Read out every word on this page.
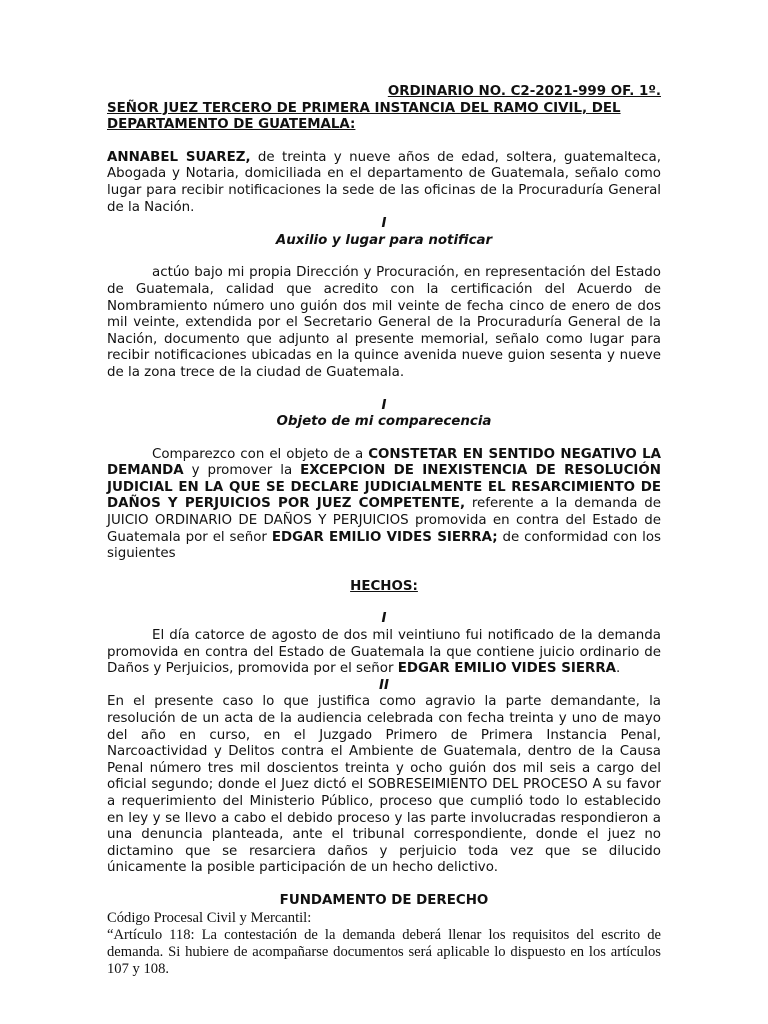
ORDINARIO NO. C2-2021-999 OF. 1º.

SEÑOR JUEZ TERCERO DE PRIMERA INSTANCIA DEL RAMO CIVIL, DEL DEPARTAMENTO DE GUATEMALA:

ANNABEL SUAREZ, de treinta y nueve años de edad, soltera, guatemalteca, Abogada y Notaria, domiciliada en el departamento de Guatemala, señalo como lugar para recibir notificaciones la sede de las oficinas de la Procuraduría General de la Nación.

I

Auxilio y lugar para notificar

actúo bajo mi propia Dirección y Procuración, en representación del Estado de Guatemala, calidad que acredito con la certificación del Acuerdo de Nombramiento número uno guión dos mil veinte de fecha cinco de enero de dos mil veinte, extendida por el Secretario General de la Procuraduría General de la Nación, documento que adjunto al presente memorial, señalo como lugar para recibir notificaciones ubicadas en la quince avenida nueve guion sesenta y nueve de la zona trece de la ciudad de Guatemala.

I

Objeto de mi comparecencia

Comparezco con el objeto de a CONSTETAR EN SENTIDO NEGATIVO LA DEMANDA y promover la EXCEPCION DE INEXISTENCIA DE RESOLUCIÓN JUDICIAL EN LA QUE SE DECLARE JUDICIALMENTE EL RESARCIMIENTO DE DAÑOS Y PERJUICIOS POR JUEZ COMPETENTE, referente a la demanda de JUICIO ORDINARIO DE DAÑOS Y PERJUICIOS promovida en contra del Estado de Guatemala por el señor EDGAR EMILIO VIDES SIERRA; de conformidad con los siguientes

HECHOS:

I

El día catorce de agosto de dos mil veintiuno fui notificado de la demanda promovida en contra del Estado de Guatemala la que contiene juicio ordinario de Daños y Perjuicios, promovida por el señor EDGAR EMILIO VIDES SIERRA.

II

En el presente caso lo que justifica como agravio la parte demandante, la resolución de un acta de la audiencia celebrada con fecha treinta y uno de mayo del año en curso, en el Juzgado Primero de Primera Instancia Penal, Narcoactividad y Delitos contra el Ambiente de Guatemala, dentro de la Causa Penal número tres mil doscientos treinta y ocho guión dos mil seis a cargo del oficial segundo; donde el Juez dictó el SOBRESEIMIENTO DEL PROCESO A su favor a requerimiento del Ministerio Público, proceso que cumplió todo lo establecido en ley y se llevo a cabo el debido proceso y las parte involucradas respondieron a una denuncia planteada, ante el tribunal correspondiente, donde el juez no dictamino que se resarciera daños y perjuicio toda vez que se dilucido únicamente la posible participación de un hecho delictivo.

FUNDAMENTO DE DERECHO

Código Procesal Civil y Mercantil:

“Artículo 118: La contestación de la demanda deberá llenar los requisitos del escrito de demanda. Si hubiere de acompañarse documentos será aplicable lo dispuesto en los artículos 107 y 108.
